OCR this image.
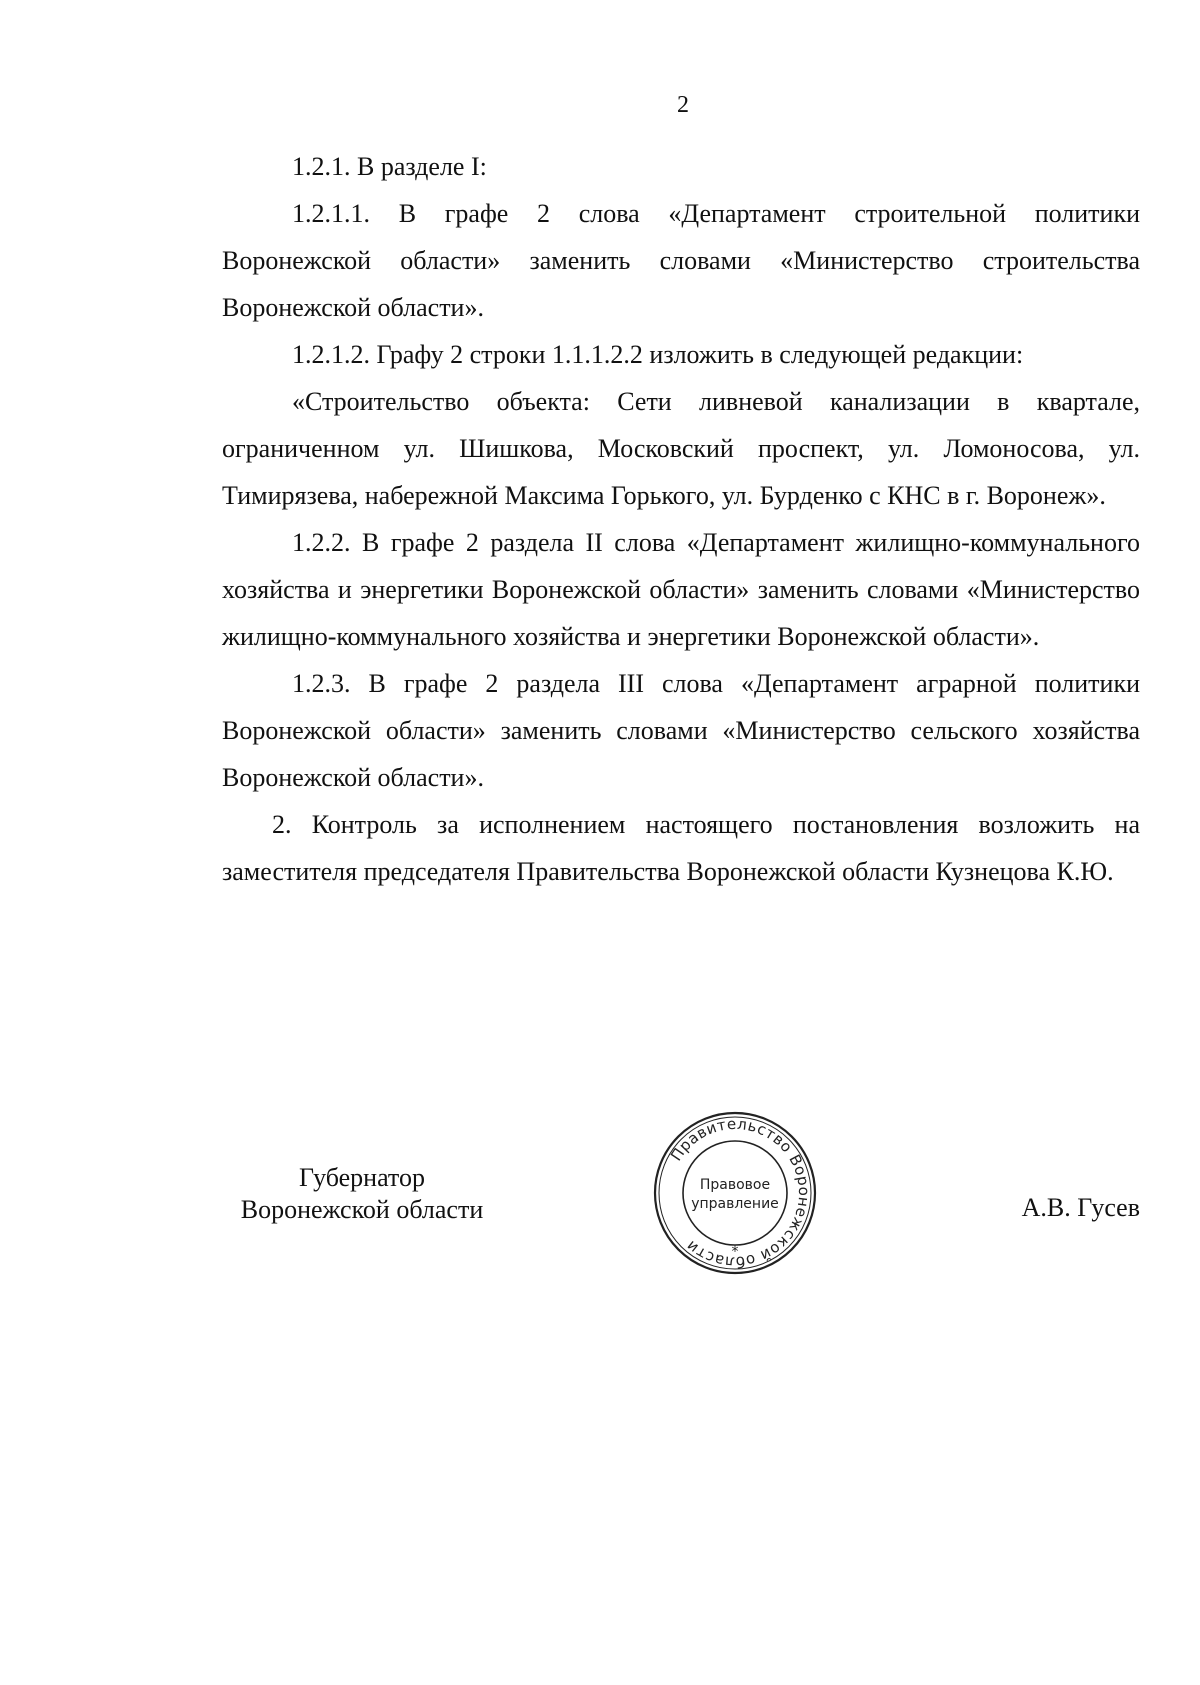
2

1.2.1. В разделе I:

1.2.1.1. В графе 2 слова «Департамент строительной политики Воронежской области» заменить словами «Министерство строительства Воронежской области».

1.2.1.2. Графу 2 строки 1.1.1.2.2 изложить в следующей редакции:

«Строительство объекта: Сети ливневой канализации в квартале, ограниченном ул. Шишкова, Московский проспект, ул. Ломоносова, ул. Тимирязева, набережной Максима Горького, ул. Бурденко с КНС в г. Воронеж».

1.2.2. В графе 2 раздела II слова «Департамент жилищно-коммунального хозяйства и энергетики Воронежской области» заменить словами «Министерство жилищно-коммунального хозяйства и энергетики Воронежской области».

1.2.3. В графе 2 раздела III слова «Департамент аграрной политики Воронежской области» заменить словами «Министерство сельского хозяйства Воронежской области».

2. Контроль за исполнением настоящего постановления возложить на заместителя председателя Правительства Воронежской области Кузнецова К.Ю.

Губернатор
Воронежской области
Правительство Воронежской области
Правовое
управление
*
А.В. Гусев
